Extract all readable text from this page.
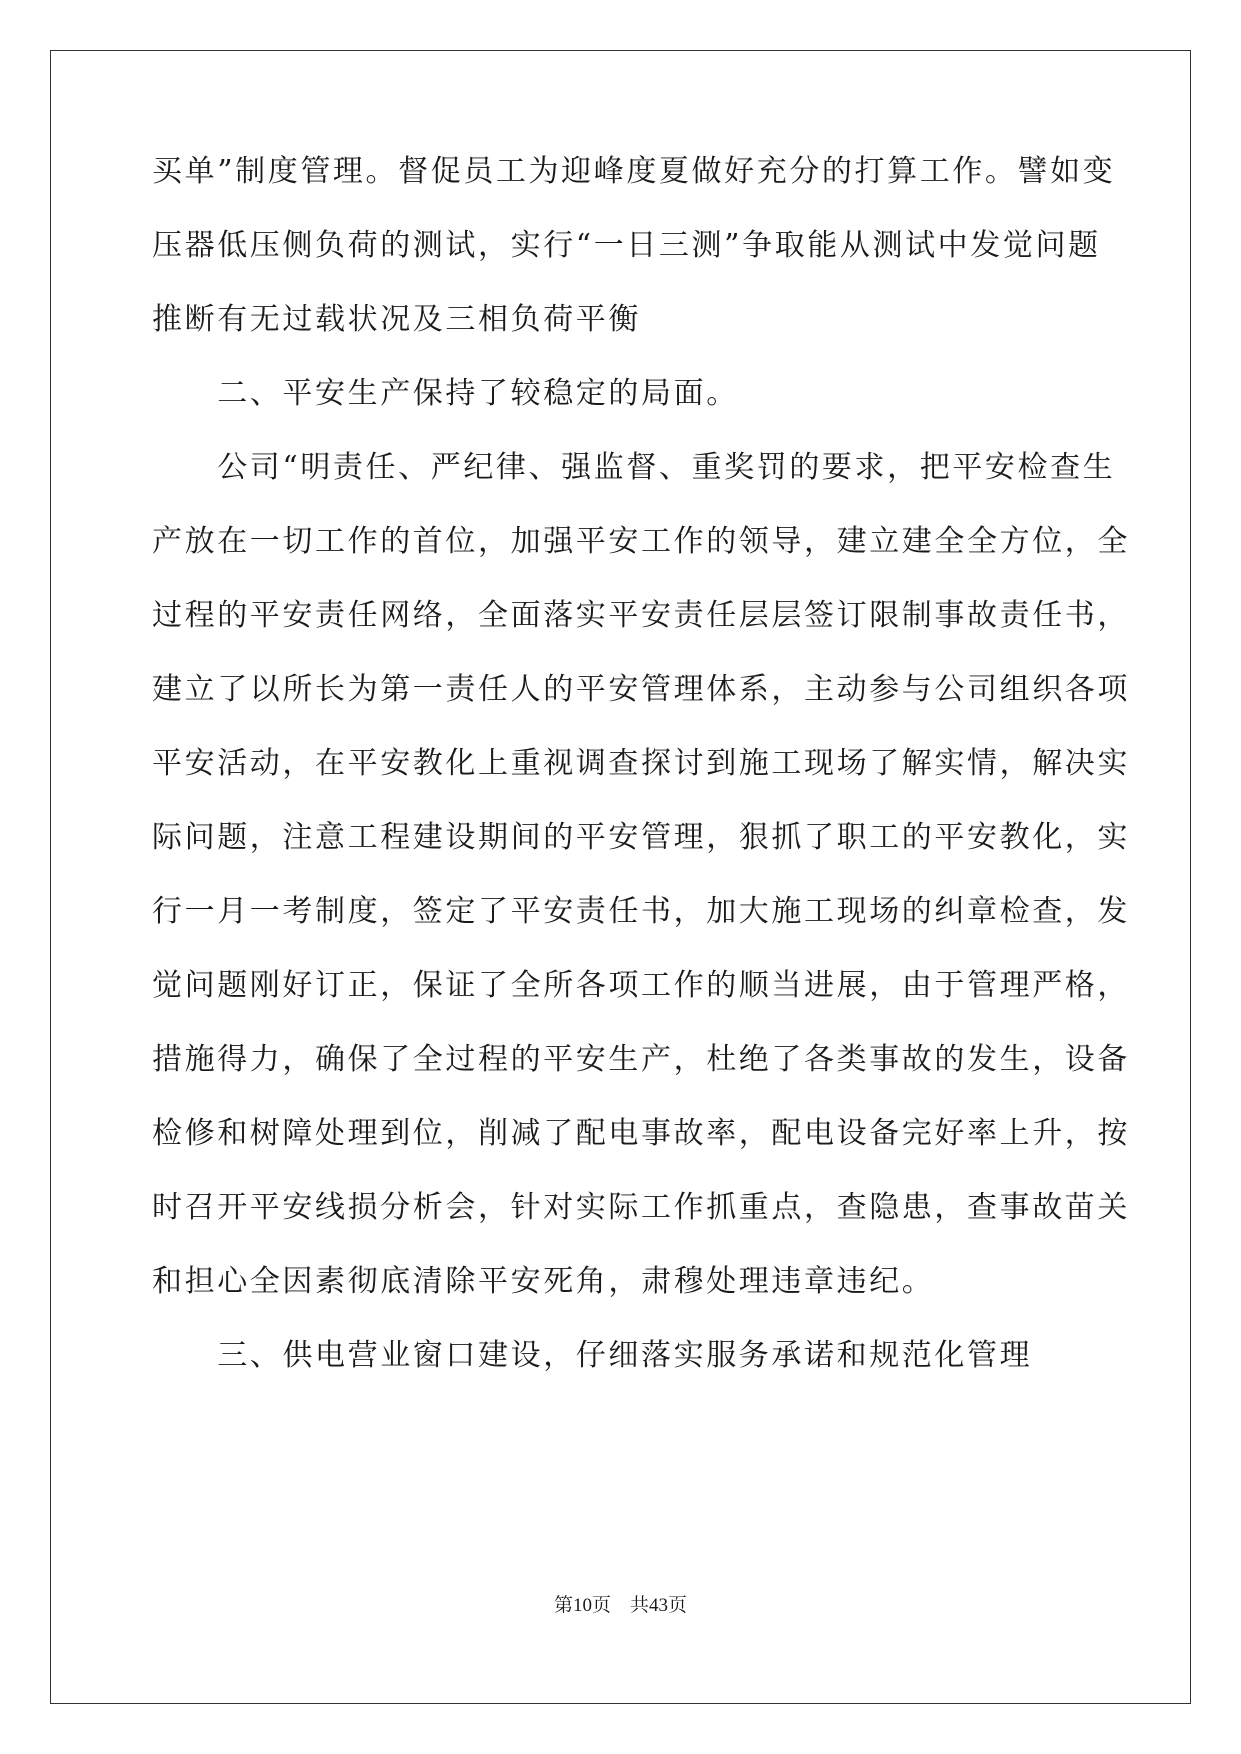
买单”制度管理。督促员工为迎峰度夏做好充分的打算工作。譬如变
压器低压侧负荷的测试，实行“一日三测”争取能从测试中发觉问题
推断有无过载状况及三相负荷平衡
　　二、平安生产保持了较稳定的局面。
　　公司“明责任、严纪律、强监督、重奖罚的要求，把平安检查生
产放在一切工作的首位，加强平安工作的领导，建立建全全方位，全
过程的平安责任网络，全面落实平安责任层层签订限制事故责任书，
建立了以所长为第一责任人的平安管理体系，主动参与公司组织各项
平安活动，在平安教化上重视调查探讨到施工现场了解实情，解决实
际问题，注意工程建设期间的平安管理，狠抓了职工的平安教化，实
行一月一考制度，签定了平安责任书，加大施工现场的纠章检查，发
觉问题刚好订正，保证了全所各项工作的顺当进展，由于管理严格，
措施得力，确保了全过程的平安生产，杜绝了各类事故的发生，设备
检修和树障处理到位，削减了配电事故率，配电设备完好率上升，按
时召开平安线损分析会，针对实际工作抓重点，查隐患，查事故苗关
和担心全因素彻底清除平安死角，肃穆处理违章违纪。
　　三、供电营业窗口建设，仔细落实服务承诺和规范化管理
第10页　共43页
